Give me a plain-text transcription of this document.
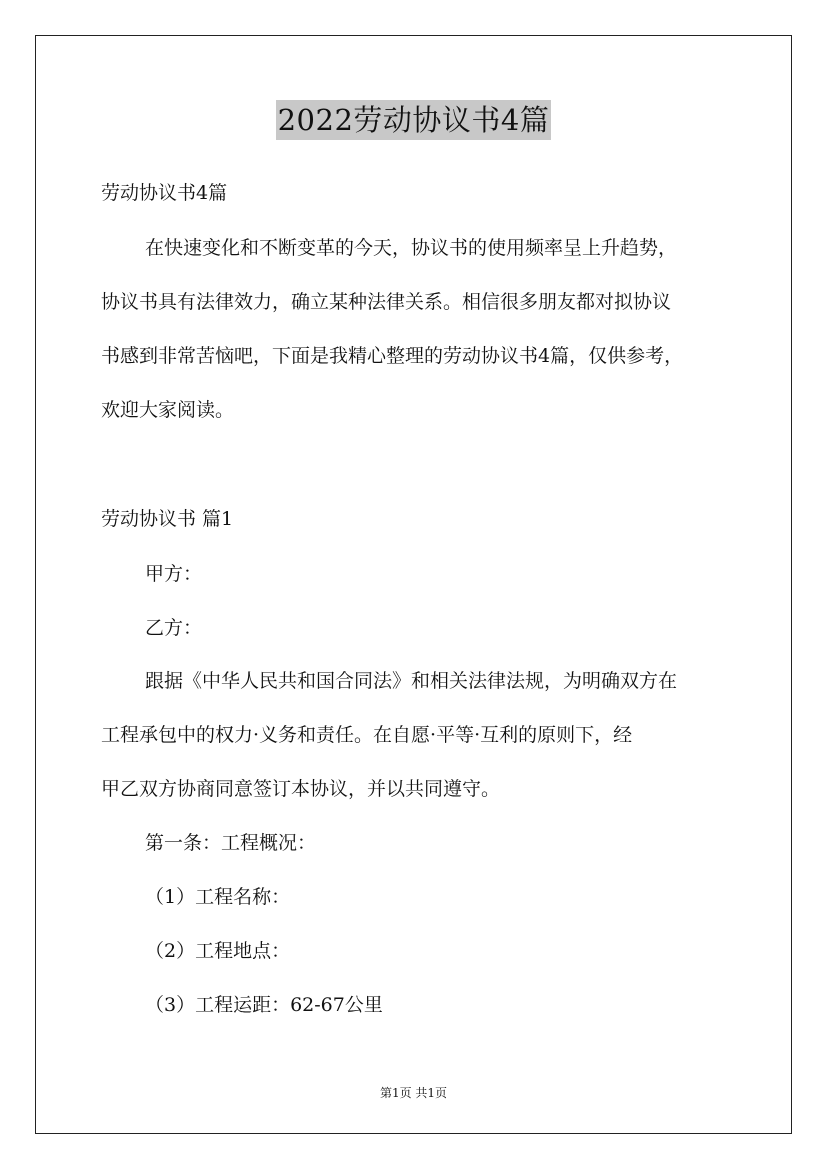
2022劳动协议书4篇
劳动协议书4篇
在快速变化和不断变革的今天，协议书的使用频率呈上升趋势，
协议书具有法律效力，确立某种法律关系。相信很多朋友都对拟协议
书感到非常苦恼吧，下面是我精心整理的劳动协议书4篇，仅供参考，
欢迎大家阅读。
劳动协议书 篇1
甲方：
乙方：
跟据《中华人民共和国合同法》和相关法律法规，为明确双方在
工程承包中的权力·义务和责任。在自愿·平等·互利的原则下，经
甲乙双方协商同意签订本协议，并以共同遵守。
第一条：工程概况：
（1）工程名称：
（2）工程地点：
（3）工程运距：62-67公里
第1页 共1页
